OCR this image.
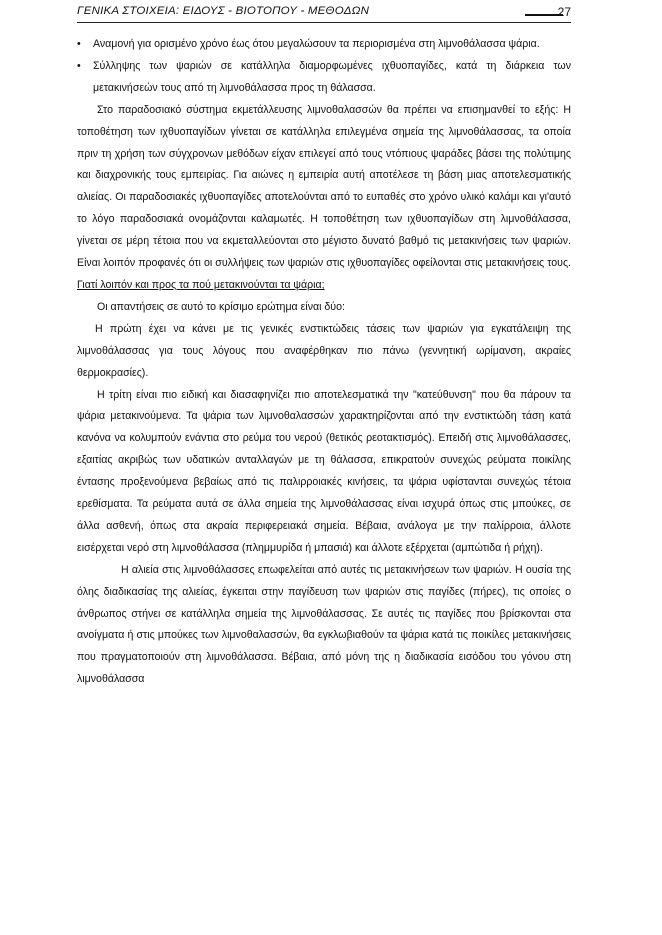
ΓΕΝΙΚΑ ΣΤΟΙΧΕΙΑ: ΕΙΔΟΥΣ - ΒΙΟΤΟΠΟΥ - ΜΕΘΟΔΩΝ	27

• Αναμονή για ορισμένο χρόνο έως ότου μεγαλώσουν τα περιορισμένα στη λιμνοθάλασσα ψάρια.

• Σύλληψης των ψαριών σε κατάλληλα διαμορφωμένες ιχθυοπαγίδες, κατά τη διάρκεια των μετακινήσεών τους από τη λιμνοθάλασσα προς τη θάλασσα.

Στο παραδοσιακό σύστημα εκμετάλλευσης λιμνοθαλασσών θα πρέπει να επισημανθεί το εξής: Η τοποθέτηση των ιχθυοπαγίδων γίνεται σε κατάλληλα επιλεγμένα σημεία της λιμνοθάλασσας, τα οποία πριν τη χρήση των σύγχρονων μεθόδων είχαν επιλεγεί από τους ντόπιους ψαράδες βάσει της πολύτιμης και διαχρονικής τους εμπειρίας. Για αιώνες η εμπειρία αυτή αποτέλεσε τη βάση μιας αποτελεσματικής αλιείας. Οι παραδοσιακές ιχθυοπαγίδες αποτελούνται από το ευπαθές στο χρόνο υλικό καλάμι και γι'αυτό το λόγο παραδοσιακά ονομάζονται καλαμωτές. Η τοποθέτηση των ιχθυοπαγίδων στη λιμνοθάλασσα, γίνεται σε μέρη τέτοια που να εκμεταλλεύονται στο μέγιστο δυνατό βαθμό τις μετακινήσεις των ψαριών. Είναι λοιπόν προφανές ότι οι συλλήψεις των ψαριών στις ιχθυοπαγίδες οφείλονται στις μετακινήσεις τους. Γιατί λοιπόν και προς τα πού μετακινούνται τα ψάρια;

Οι απαντήσεις σε αυτό το κρίσιμο ερώτημα είναι δύο:

Η πρώτη έχει να κάνει με τις γενικές ενστικτώδεις τάσεις των ψαριών για εγκατάλειψη της λιμνοθάλασσας για τους λόγους που αναφέρθηκαν πιο πάνω (γεννητική ωρίμανση, ακραίες θερμοκρασίες).

Η τρίτη είναι πιο ειδική και διασαφηνίζει πιο αποτελεσματικά την "κατεύθυνση" που θα πάρουν τα ψάρια μετακινούμενα. Τα ψάρια των λιμνοθαλασσών χαρακτηρίζονται από την ενστικτώδη τάση κατά κανόνα να κολυμπούν ενάντια στο ρεύμα του νερού (θετικός ρεοτακτισμός). Επειδή στις λιμνοθάλασσες, εξαιτίας ακριβώς των υδατικών ανταλλαγών με τη θάλασσα, επικρατούν συνεχώς ρεύματα ποικίλης έντασης προξενούμενα βεβαίως από τις παλιρροιακές κινήσεις, τα ψάρια υφίστανται συνεχώς τέτοια ερεθίσματα. Τα ρεύματα αυτά σε άλλα σημεία της λιμνοθάλασσας είναι ισχυρά όπως στις μπούκες, σε άλλα ασθενή, όπως στα ακραία περιφερειακά σημεία. Βέβαια, ανάλογα με την παλίρροια, άλλοτε εισέρχεται νερό στη λιμνοθάλασσα (πλημμυρίδα ή μπασιά) και άλλοτε εξέρχεται (αμπώτιδα ή ρήχη).

Η αλιεία στις λιμνοθάλασσες επωφελείται από αυτές τις μετακινήσεων των ψαριών. Η ουσία της όλης διαδικασίας της αλιείας, έγκειται στην παγίδευση των ψαριών στις παγίδες (πήρες), τις οποίες ο άνθρωπος στήνει σε κατάλληλα σημεία της λιμνοθάλασσας. Σε αυτές τις παγίδες που βρίσκονται στα ανοίγματα ή στις μπούκες των λιμνοθαλασσών, θα εγκλωβιαθούν τα ψάρια κατά τις ποικίλες μετακινήσεις που πραγματοποιούν στη λιμνοθάλασσα. Βέβαια, από μόνη της η διαδικασία εισόδου του γόνου στη λιμνοθάλασσα
